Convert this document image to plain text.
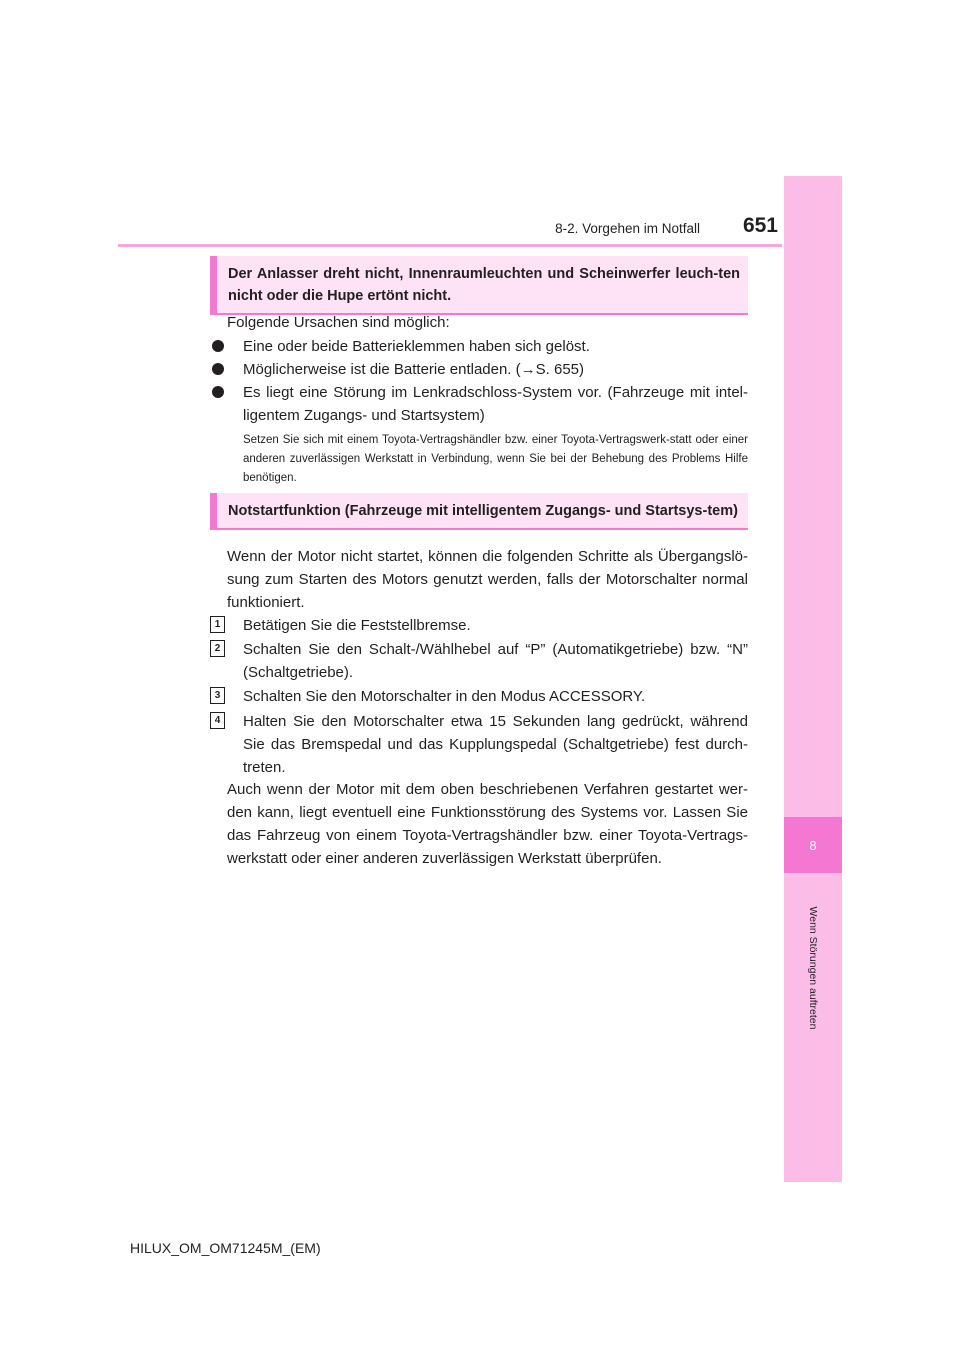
8-2. Vorgehen im Notfall	651
8
Wenn Störungen auftreten
Der Anlasser dreht nicht, Innenraumleuchten und Scheinwerfer leuch-ten nicht oder die Hupe ertönt nicht.
Folgende Ursachen sind möglich:
Eine oder beide Batterieklemmen haben sich gelöst.
Möglicherweise ist die Batterie entladen. (→S. 655)
Es liegt eine Störung im Lenkradschloss-System vor. (Fahrzeuge mit intel-ligentem Zugangs- und Startsystem)
Setzen Sie sich mit einem Toyota-Vertragshändler bzw. einer Toyota-Vertragswerk-statt oder einer anderen zuverlässigen Werkstatt in Verbindung, wenn Sie bei der Behebung des Problems Hilfe benötigen.
Notstartfunktion (Fahrzeuge mit intelligentem Zugangs- und Startsys-tem)
Wenn der Motor nicht startet, können die folgenden Schritte als Übergangslö-sung zum Starten des Motors genutzt werden, falls der Motorschalter normal funktioniert.
1	Betätigen Sie die Feststellbremse.
2	Schalten Sie den Schalt-/Wählhebel auf “P” (Automatikgetriebe) bzw. “N” (Schaltgetriebe).
3	Schalten Sie den Motorschalter in den Modus ACCESSORY.
4	Halten Sie den Motorschalter etwa 15 Sekunden lang gedrückt, während Sie das Bremspedal und das Kupplungspedal (Schaltgetriebe) fest durch-treten.
Auch wenn der Motor mit dem oben beschriebenen Verfahren gestartet wer-den kann, liegt eventuell eine Funktionsstörung des Systems vor. Lassen Sie das Fahrzeug von einem Toyota-Vertragshändler bzw. einer Toyota-Vertrags-werkstatt oder einer anderen zuverlässigen Werkstatt überprüfen.
HILUX_OM_OM71245M_(EM)
